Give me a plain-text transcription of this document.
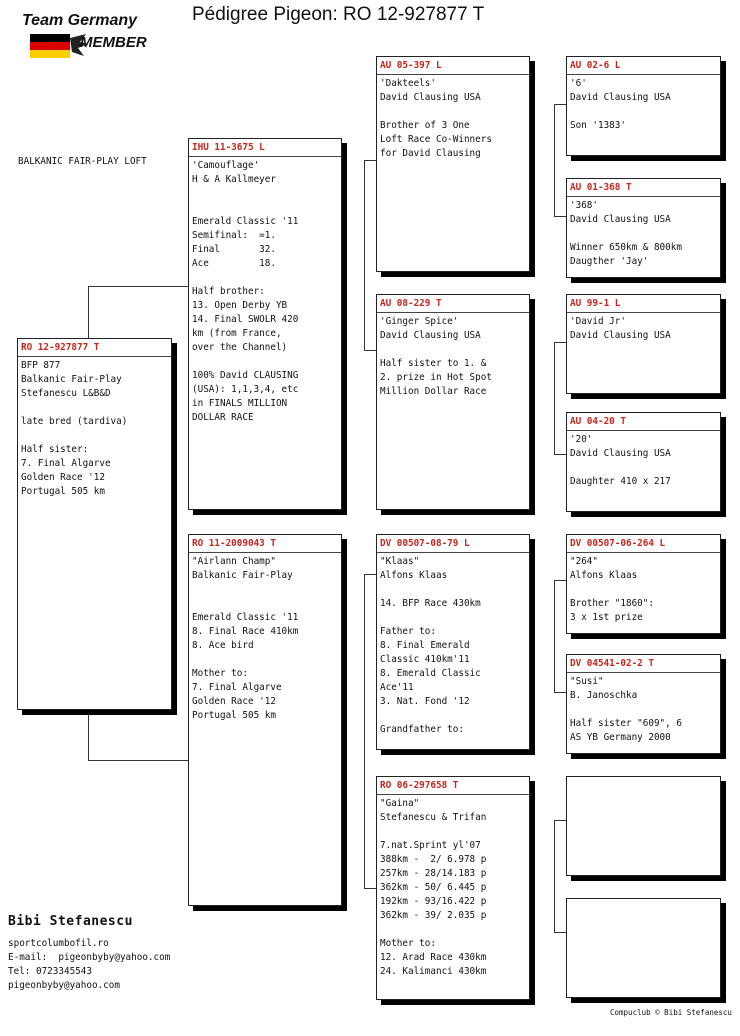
Pédigree Pigeon: RO 12-927877 T
Team Germany
MEMBER
BALKANIC FAIR-PLAY LOFT
RO 12-927877 T
BFP 877
Balkanic Fair-Play
Stefanescu L&B&D

late bred (tardiva)

Half sister:
7. Final Algarve
Golden Race '12
Portugal 505 km
IHU 11-3675 L
'Camouflage'
H & A Kallmeyer

Emerald Classic '11
Semifinal:  =1.
Final       32.
Ace         18.

Half brother:
13. Open Derby YB
14. Final SWOLR 420
km (from France,
over the Channel)

100% David CLAUSING
(USA): 1,1,3,4, etc
in FINALS MILLION
DOLLAR RACE
RO 11-2009043 T
"Airlann Champ"
Balkanic Fair-Play

Emerald Classic '11
8. Final Race 410km
8. Ace bird

Mother to:
7. Final Algarve
Golden Race '12
Portugal 505 km
AU 05-397 L
'Dakteels'
David Clausing USA

Brother of 3 One
Loft Race Co-Winners
for David Clausing
AU 08-229 T
'Ginger Spice'
David Clausing USA

Half sister to 1. &
2. prize in Hot Spot
Million Dollar Race
DV 00507-08-79 L
"Klaas"
Alfons Klaas

14. BFP Race 430km

Father to:
8. Final Emerald
Classic 410km'11
8. Emerald Classic
Ace'11
3. Nat. Fond '12

Grandfather to:
RO 06-297658 T
"Gaina"
Stefanescu & Trifan

7.nat.Sprint yl'07
388km -  2/ 6.978 p
257km - 28/14.183 p
362km - 50/ 6.445 p
192km - 93/16.422 p
362km - 39/ 2.035 p

Mother to:
12. Arad Race 430km
24. Kalimanci 430km
AU 02-6 L
'6'
David Clausing USA

Son '1383'
AU 01-368 T
'368'
David Clausing USA

Winner 650km & 800km
Daugther 'Jay'
AU 99-1 L
'David Jr'
David Clausing USA
AU 04-20 T
'20'
David Clausing USA

Daughter 410 x 217
DV 00507-06-264 L
"264"
Alfons Klaas

Brother "1860":
3 x 1st prize
DV 04541-02-2 T
"Susi"
B. Janoschka

Half sister "609", 6
AS YB Germany 2000
Bibi Stefanescu
sportcolumbofil.ro
E-mail:  pigeonbyby@yahoo.com
Tel: 0723345543
pigeonbyby@yahoo.com
Compuclub © Bibi Stefanescu
